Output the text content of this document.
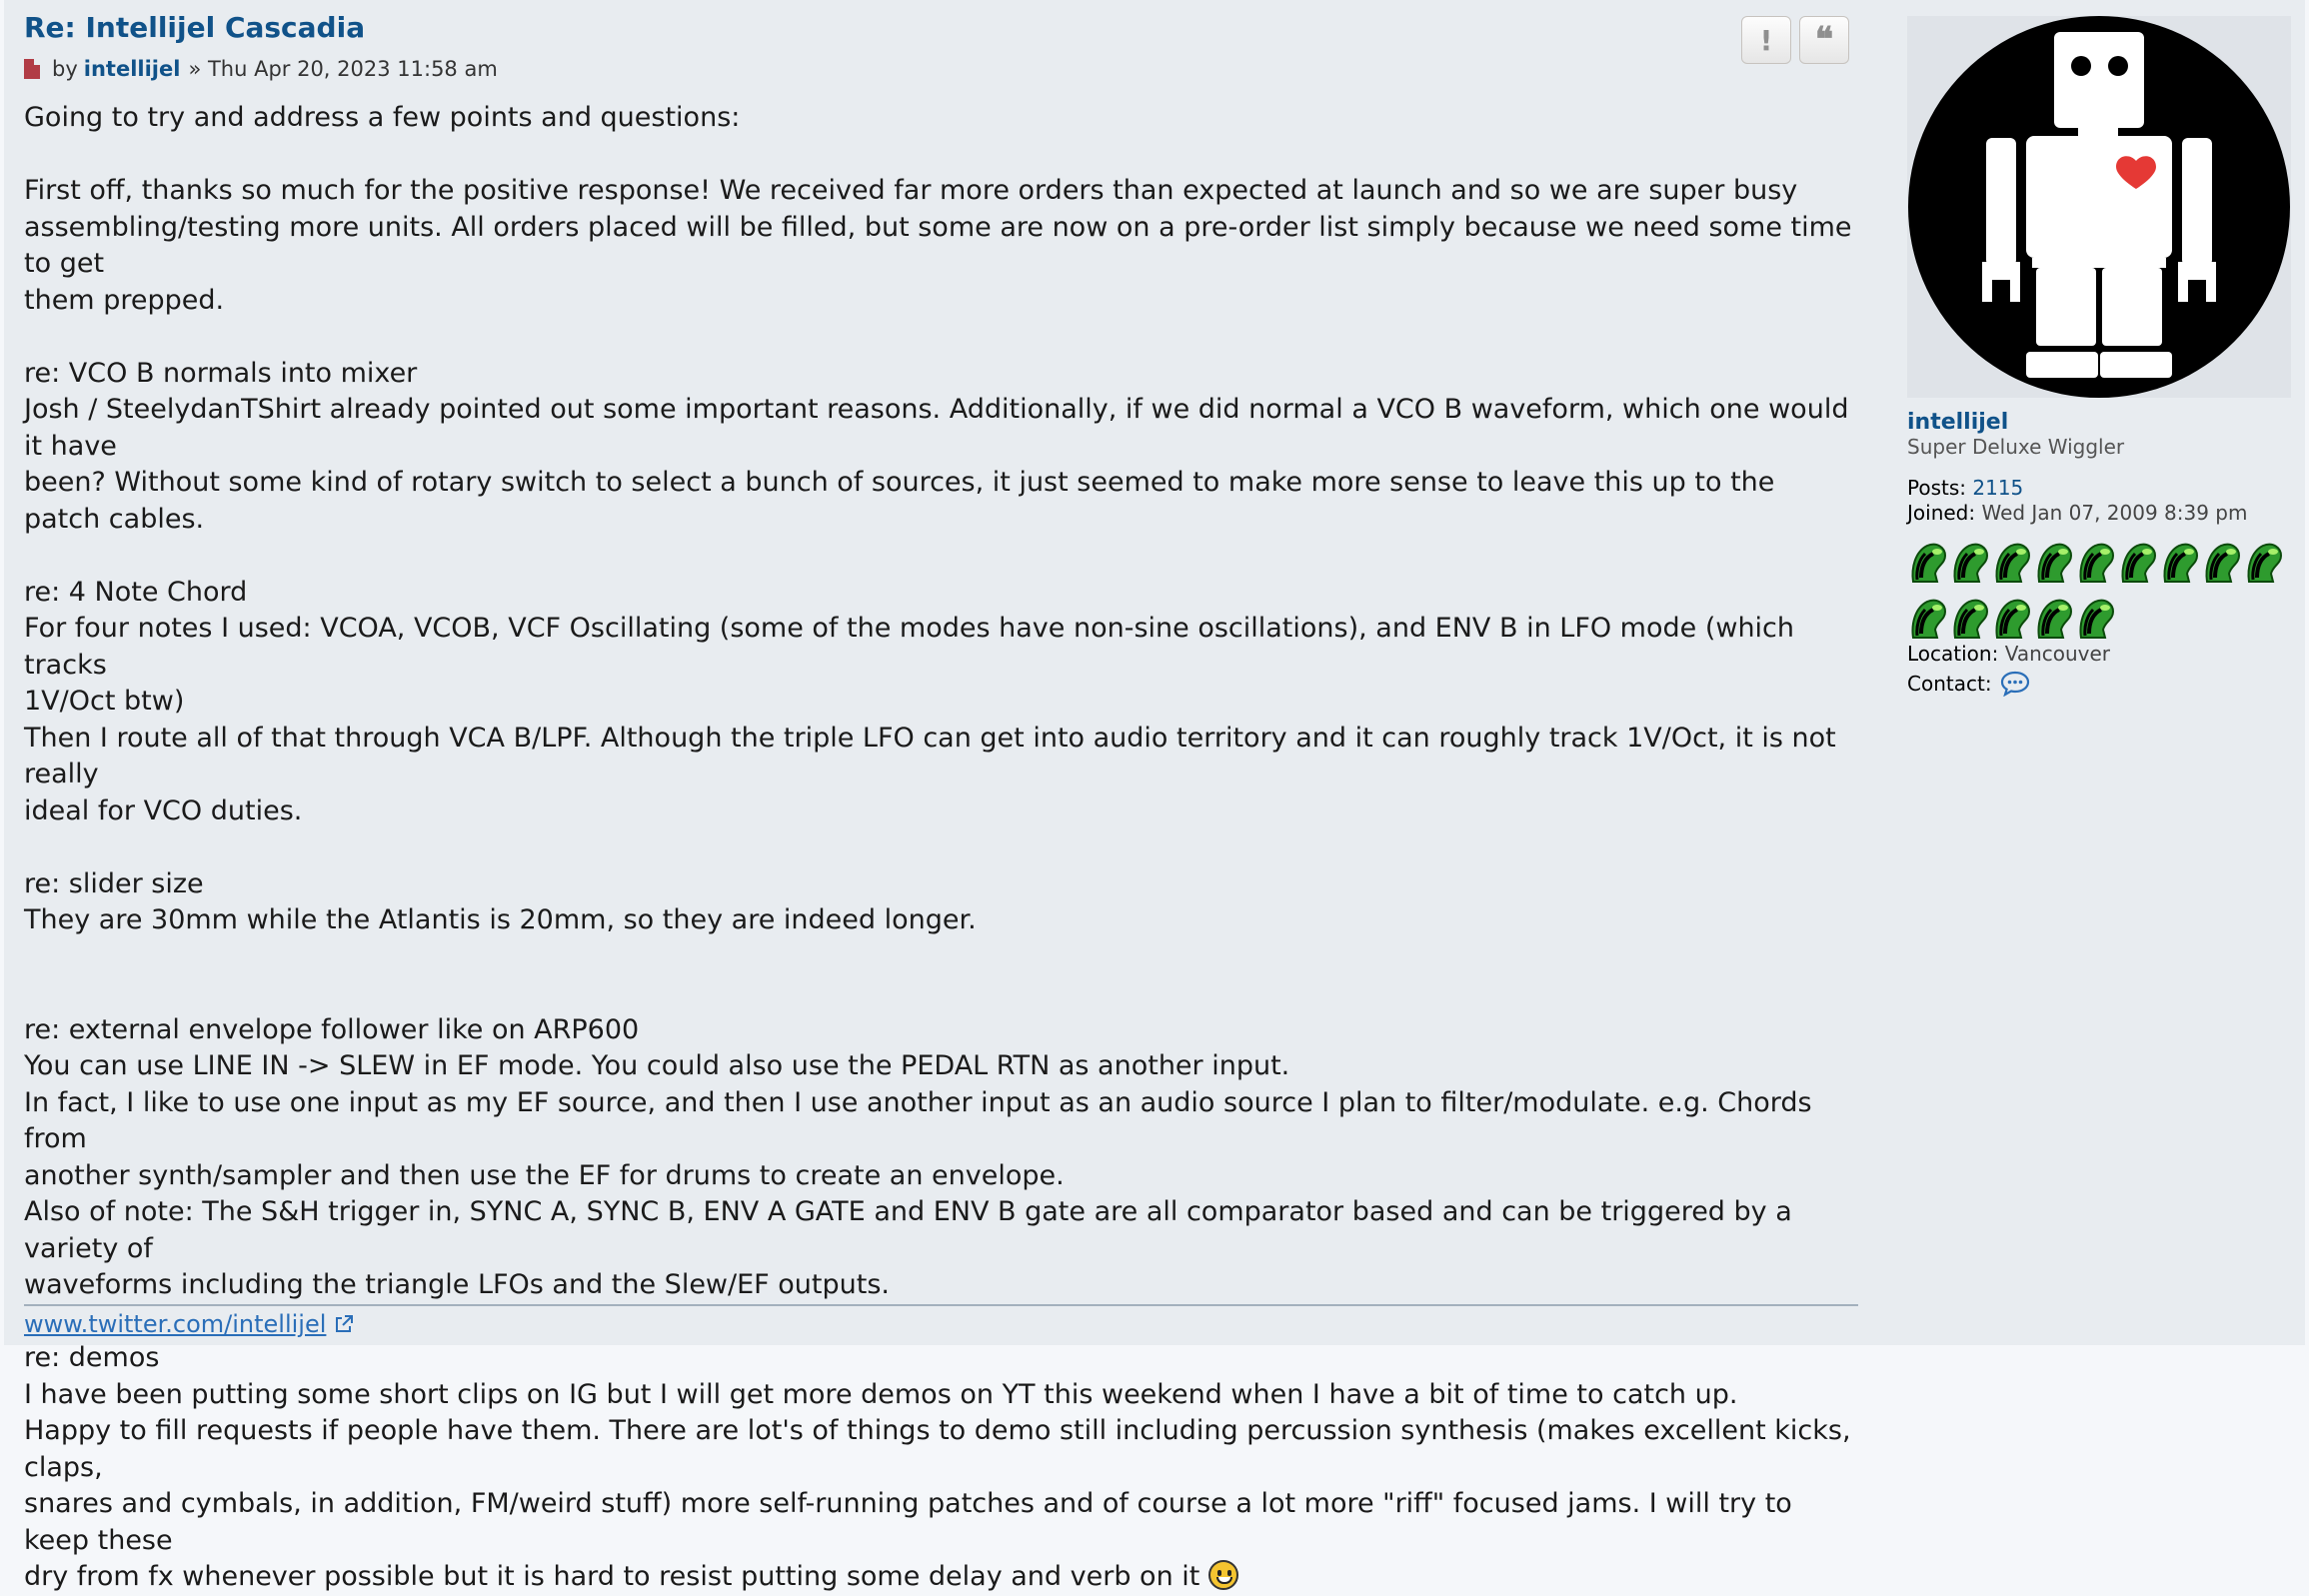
Re: Intellijel Cascadia
by intellijel » Thu Apr 20, 2023 11:58 am
Going to try and address a few points and questions:
First off, thanks so much for the positive response! We received far more orders than expected at launch and so we are super busy
assembling/testing more units. All orders placed will be filled, but some are now on a pre-order list simply because we need some time to get
them prepped.
re: VCO B normals into mixer
Josh / SteelydanTShirt already pointed out some important reasons. Additionally, if we did normal a VCO B waveform, which one would it have
been? Without some kind of rotary switch to select a bunch of sources, it just seemed to make more sense to leave this up to the patch cables.
re: 4 Note Chord
For four notes I used: VCOA, VCOB, VCF Oscillating (some of the modes have non-sine oscillations), and ENV B in LFO mode (which tracks
1V/Oct btw)
Then I route all of that through VCA B/LPF. Although the triple LFO can get into audio territory and it can roughly track 1V/Oct, it is not really
ideal for VCO duties.
re: slider size
They are 30mm while the Atlantis is 20mm, so they are indeed longer.
re: external envelope follower like on ARP600
You can use LINE IN -> SLEW in EF mode. You could also use the PEDAL RTN as another input.
In fact, I like to use one input as my EF source, and then I use another input as an audio source I plan to filter/modulate. e.g. Chords from
another synth/sampler and then use the EF for drums to create an envelope.
Also of note: The S&H trigger in, SYNC A, SYNC B, ENV A GATE and ENV B gate are all comparator based and can be triggered by a variety of
waveforms including the triangle LFOs and the Slew/EF outputs.
re: demos
I have been putting some short clips on IG but I will get more demos on YT this weekend when I have a bit of time to catch up.
Happy to fill requests if people have them. There are lot's of things to demo still including percussion synthesis (makes excellent kicks, claps,
snares and cymbals, in addition, FM/weird stuff) more self-running patches and of course a lot more "riff" focused jams. I will try to keep these
dry from fx whenever possible but it is hard to resist putting some delay and verb on it
! ❝
www.twitter.com/intellijel
intellijel
Super Deluxe Wiggler
Posts: 2115
Joined: Wed Jan 07, 2009 8:39 pm
Location: Vancouver
Contact:
